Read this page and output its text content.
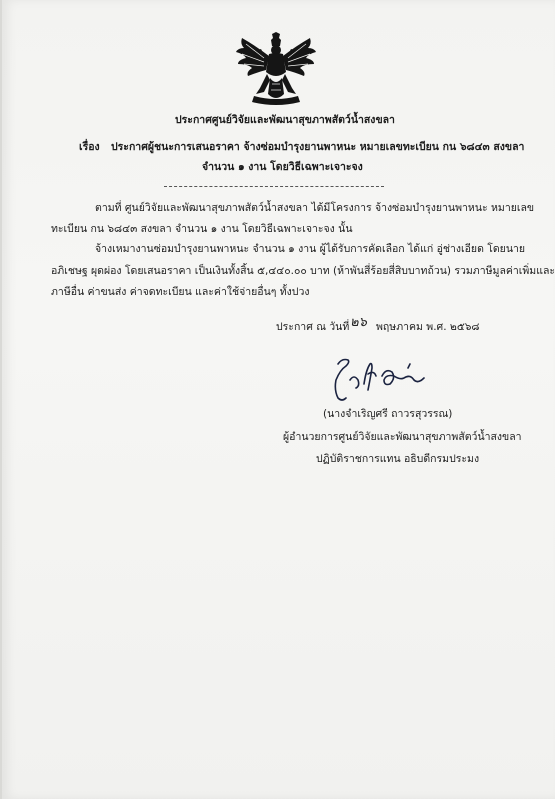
ประกาศศูนย์วิจัยและพัฒนาสุขภาพสัตว์น้ำสงขลา
เรื่อง ประกาศผู้ชนะการเสนอราคา จ้างซ่อมบำรุงยานพาหนะ หมายเลขทะเบียน กน ๖๘๔๓ สงขลา
จำนวน ๑ งาน โดยวิธีเฉพาะเจาะจง
ตามที่ ศูนย์วิจัยและพัฒนาสุขภาพสัตว์น้ำสงขลา ได้มีโครงการ จ้างซ่อมบำรุงยานพาหนะ หมายเลข
ทะเบียน กน ๖๘๔๓ สงขลา จำนวน ๑ งาน โดยวิธีเฉพาะเจาะจง นั้น
จ้างเหมางานซ่อมบำรุงยานพาหนะ จำนวน ๑ งาน ผู้ได้รับการคัดเลือก ได้แก่ อู่ช่างเอียด โดยนาย
อภิเชษฐ ผุดผ่อง โดยเสนอราคา เป็นเงินทั้งสิ้น ๕,๔๔๐.๐๐ บาท (ห้าพันสี่ร้อยสี่สิบบาทถ้วน) รวมภาษีมูลค่าเพิ่มและ
ภาษีอื่น ค่าขนส่ง ค่าจดทะเบียน และค่าใช้จ่ายอื่นๆ ทั้งปวง
ประกาศ ณ วันที่ ๒๖ พฤษภาคม พ.ศ. ๒๕๖๘
(นางจำเริญศรี ถาวรสุวรรณ)
ผู้อำนวยการศูนย์วิจัยและพัฒนาสุขภาพสัตว์น้ำสงขลา
ปฏิบัติราชการแทน อธิบดีกรมประมง
